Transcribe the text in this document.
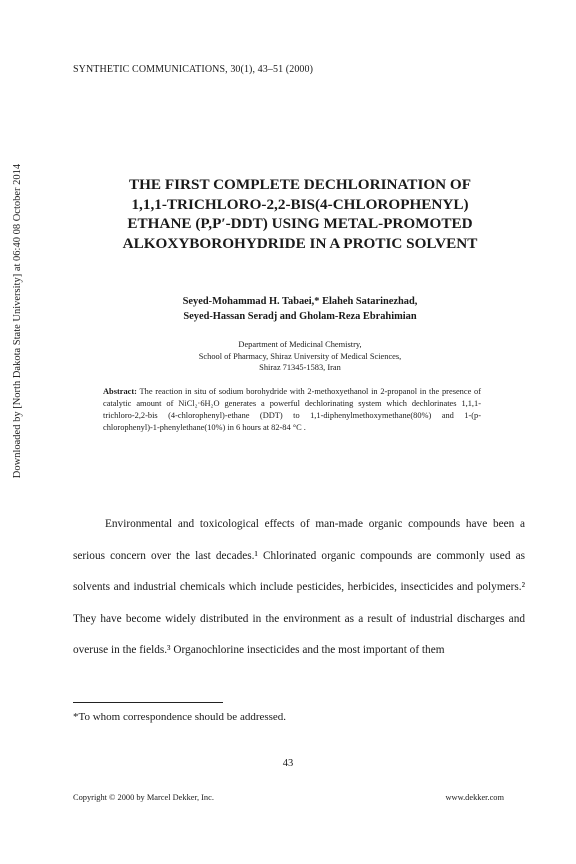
Downloaded by [North Dakota State University] at 06:40 08 October 2014
SYNTHETIC COMMUNICATIONS, 30(1), 43–51 (2000)
THE FIRST COMPLETE DECHLORINATION OF
1,1,1-TRICHLORO-2,2-BIS(4-CHLOROPHENYL)
ETHANE (P,P′-DDT) USING METAL-PROMOTED
ALKOXYBOROHYDRIDE IN A PROTIC SOLVENT
Seyed-Mohammad H. Tabaei,* Elaheh Satarinezhad,
Seyed-Hassan Seradj and Gholam-Reza Ebrahimian
Department of Medicinal Chemistry,
School of Pharmacy, Shiraz University of Medical Sciences,
Shiraz 71345-1583, Iran
Abstract: The reaction in situ of sodium borohydride with 2-methoxyethanol in 2-propanol in the presence of catalytic amount of NiCl₂·6H₂O generates a powerful dechlorinating system which dechlorinates 1,1,1-trichloro-2,2-bis (4-chlorophenyl)-ethane (DDT) to 1,1-diphenylmethoxymethane(80%) and 1-(p-chlorophenyl)-1-phenylethane(10%) in 6 hours at 82-84 °C .

Environmental and toxicological effects of man-made organic compounds have been a serious concern over the last decades.¹ Chlorinated organic compounds are commonly used as solvents and industrial chemicals which include pesticides, herbicides, insecticides and polymers.² They have become widely distributed in the environment as a result of industrial discharges and overuse in the fields.³ Organochlorine insecticides and the most important of them

*To whom correspondence should be addressed.
43
Copyright © 2000 by Marcel Dekker, Inc.	www.dekker.com
